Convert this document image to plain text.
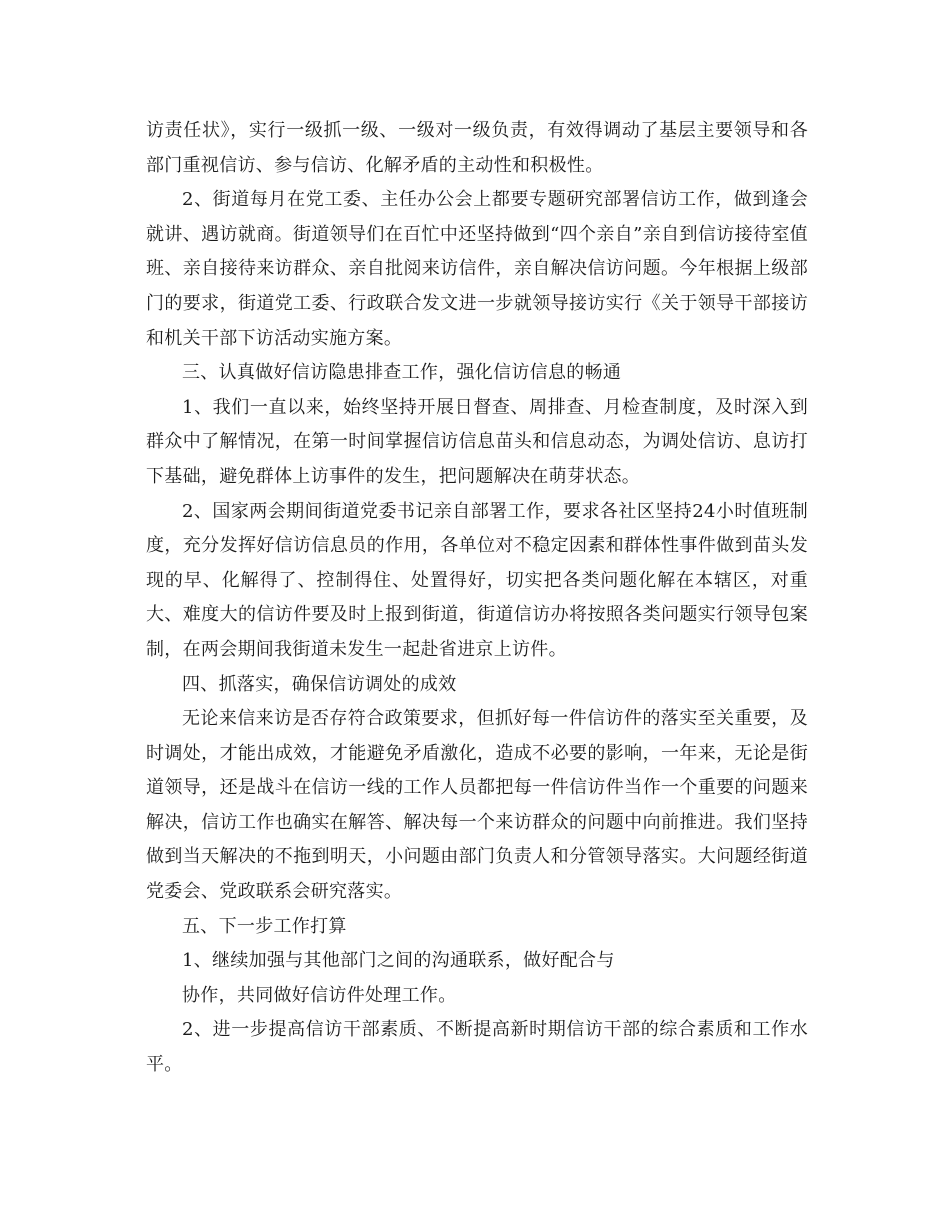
访责任状》，实行一级抓一级、一级对一级负责，有效得调动了基层主要领导和各部门重视信访、参与信访、化解矛盾的主动性和积极性。

2、街道每月在党工委、主任办公会上都要专题研究部署信访工作，做到逢会就讲、遇访就商。街道领导们在百忙中还坚持做到“四个亲自”亲自到信访接待室值班、亲自接待来访群众、亲自批阅来访信件，亲自解决信访问题。今年根据上级部门的要求，街道党工委、行政联合发文进一步就领导接访实行《关于领导干部接访和机关干部下访活动实施方案。

三、认真做好信访隐患排查工作，强化信访信息的畅通

1、我们一直以来，始终坚持开展日督查、周排查、月检查制度，及时深入到群众中了解情况，在第一时间掌握信访信息苗头和信息动态，为调处信访、息访打下基础，避免群体上访事件的发生，把问题解决在萌芽状态。

2、国家两会期间街道党委书记亲自部署工作，要求各社区坚持24小时值班制度，充分发挥好信访信息员的作用，各单位对不稳定因素和群体性事件做到苗头发现的早、化解得了、控制得住、处置得好，切实把各类问题化解在本辖区，对重大、难度大的信访件要及时上报到街道，街道信访办将按照各类问题实行领导包案制，在两会期间我街道未发生一起赴省进京上访件。

四、抓落实，确保信访调处的成效

无论来信来访是否存符合政策要求，但抓好每一件信访件的落实至关重要，及时调处，才能出成效，才能避免矛盾激化，造成不必要的影响，一年来，无论是街道领导，还是战斗在信访一线的工作人员都把每一件信访件当作一个重要的问题来解决，信访工作也确实在解答、解决每一个来访群众的问题中向前推进。我们坚持做到当天解决的不拖到明天，小问题由部门负责人和分管领导落实。大问题经街道党委会、党政联系会研究落实。

五、下一步工作打算

1、继续加强与其他部门之间的沟通联系，做好配合与

协作，共同做好信访件处理工作。

2、进一步提高信访干部素质、不断提高新时期信访干部的综合素质和工作水平。
